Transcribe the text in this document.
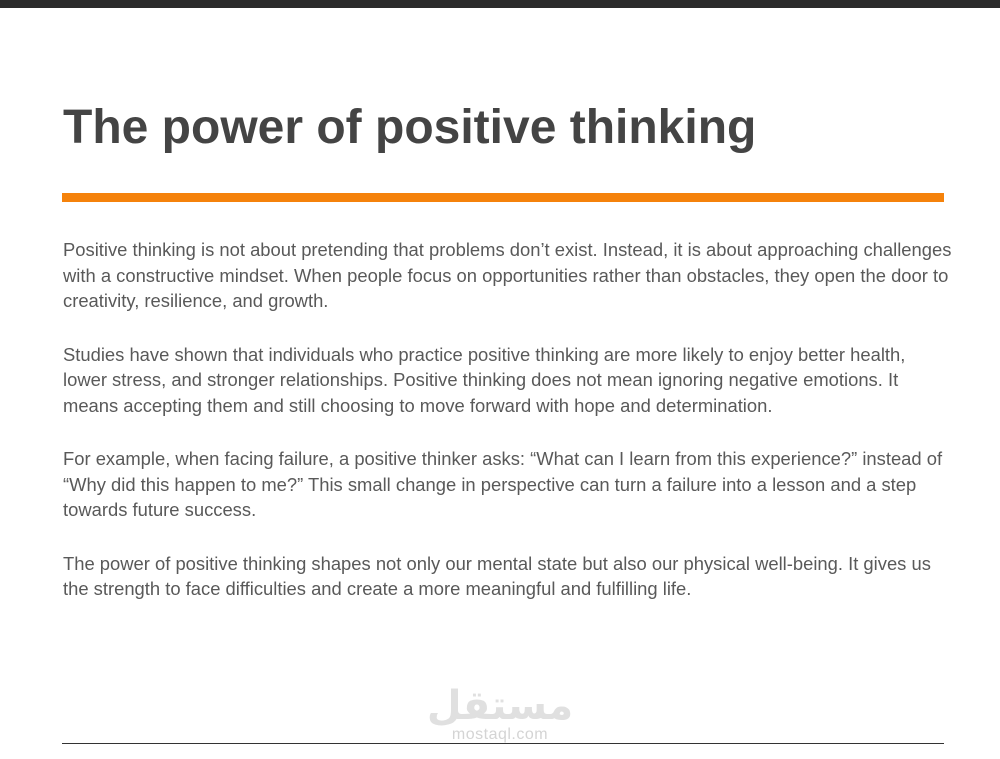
The power of positive thinking

Positive thinking is not about pretending that problems don’t exist. Instead, it is about approaching challenges with a constructive mindset. When people focus on opportunities rather than obstacles, they open the door to creativity, resilience, and growth.

Studies have shown that individuals who practice positive thinking are more likely to enjoy better health, lower stress, and stronger relationships. Positive thinking does not mean ignoring negative emotions. It means accepting them and still choosing to move forward with hope and determination.

For example, when facing failure, a positive thinker asks: “What can I learn from this experience?” instead of “Why did this happen to me?” This small change in perspective can turn a failure into a lesson and a step towards future success.

The power of positive thinking shapes not only our mental state but also our physical well-being. It gives us the strength to face difficulties and create a more meaningful and fulfilling life.

مستقل
mostaql.com
